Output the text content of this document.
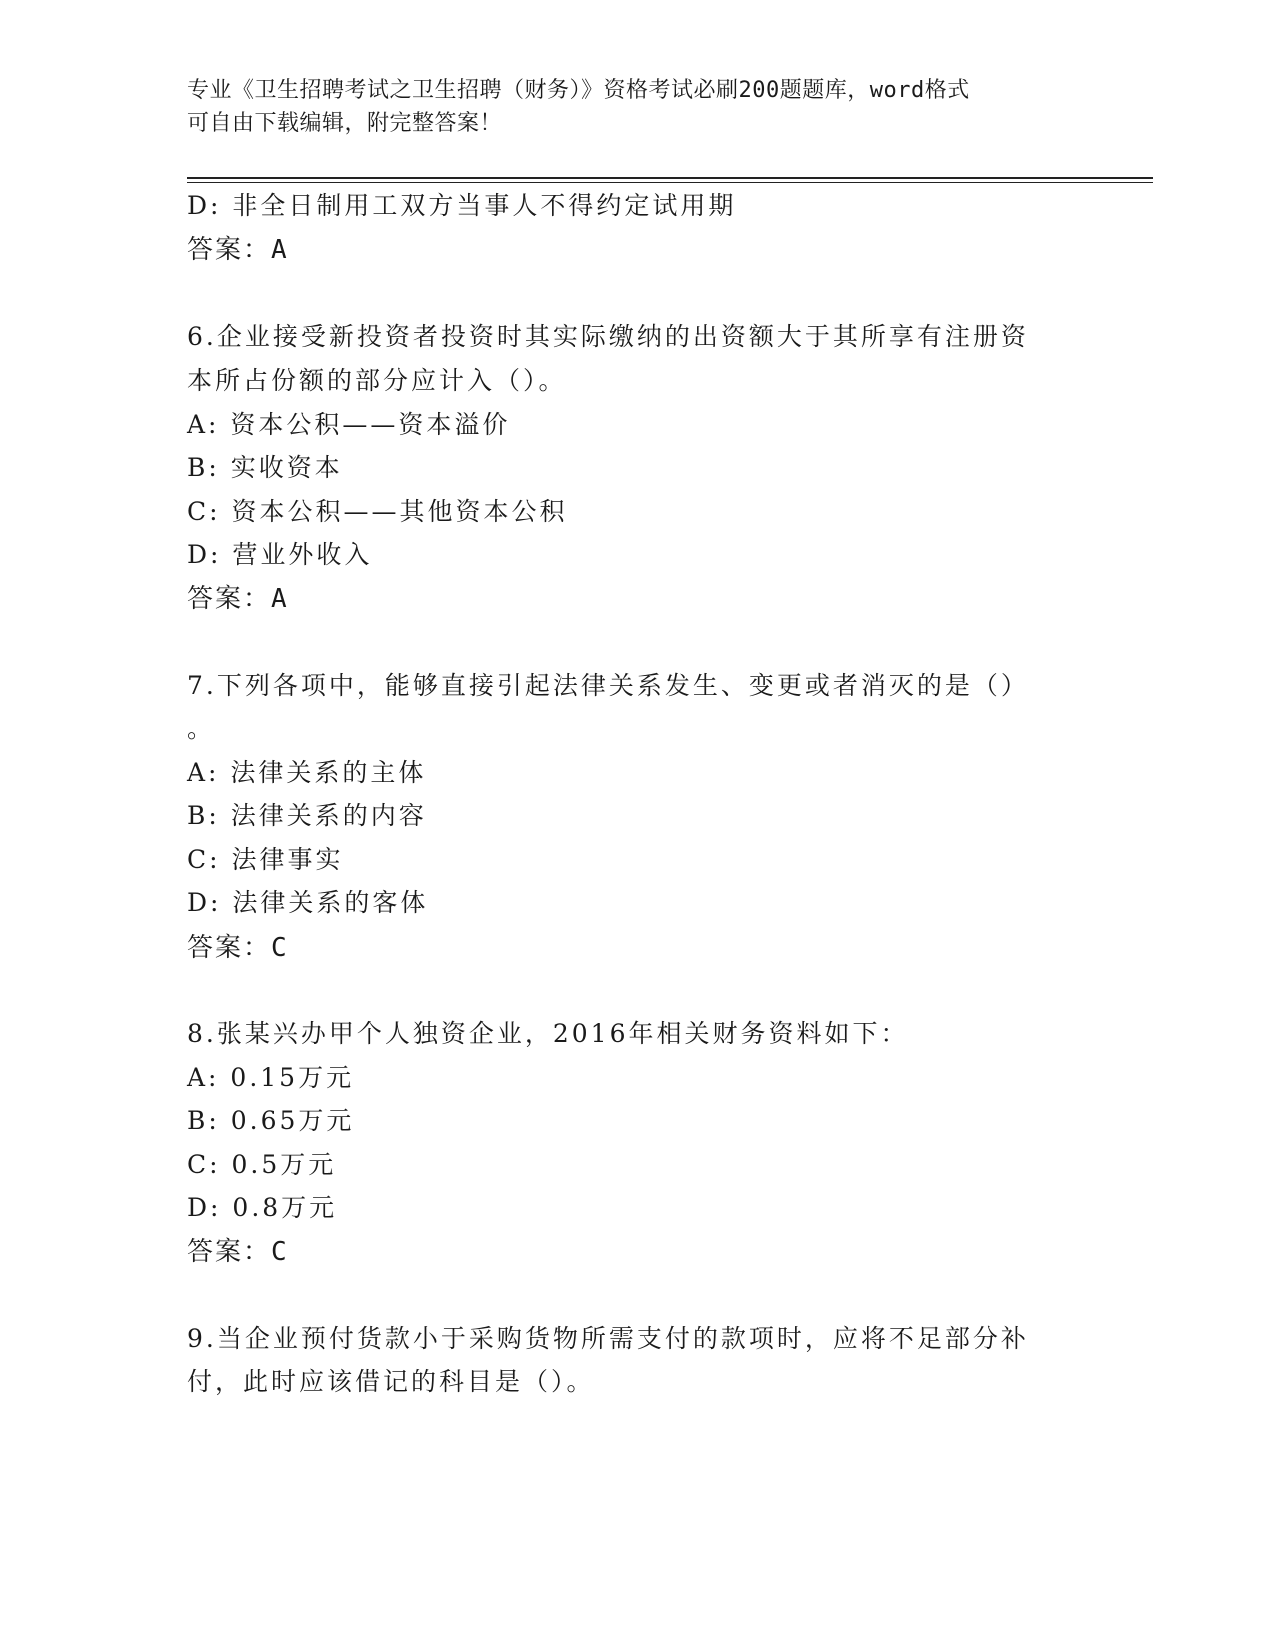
专业《卫生招聘考试之卫生招聘（财务）》资格考试必刷200题题库，word格式
可自由下载编辑，附完整答案！
D: 非全日制用工双方当事人不得约定试用期
答案：A
6.企业接受新投资者投资时其实际缴纳的出资额大于其所享有注册资
本所占份额的部分应计入（）。
A: 资本公积——资本溢价
B: 实收资本
C: 资本公积——其他资本公积
D: 营业外收入
答案：A
7.下列各项中，能够直接引起法律关系发生、变更或者消灭的是（）
。
A: 法律关系的主体
B: 法律关系的内容
C: 法律事实
D: 法律关系的客体
答案：C
8.张某兴办甲个人独资企业，2016年相关财务资料如下：
A: 0.15万元
B: 0.65万元
C: 0.5万元
D: 0.8万元
答案：C
9.当企业预付货款小于采购货物所需支付的款项时，应将不足部分补
付，此时应该借记的科目是（）。
